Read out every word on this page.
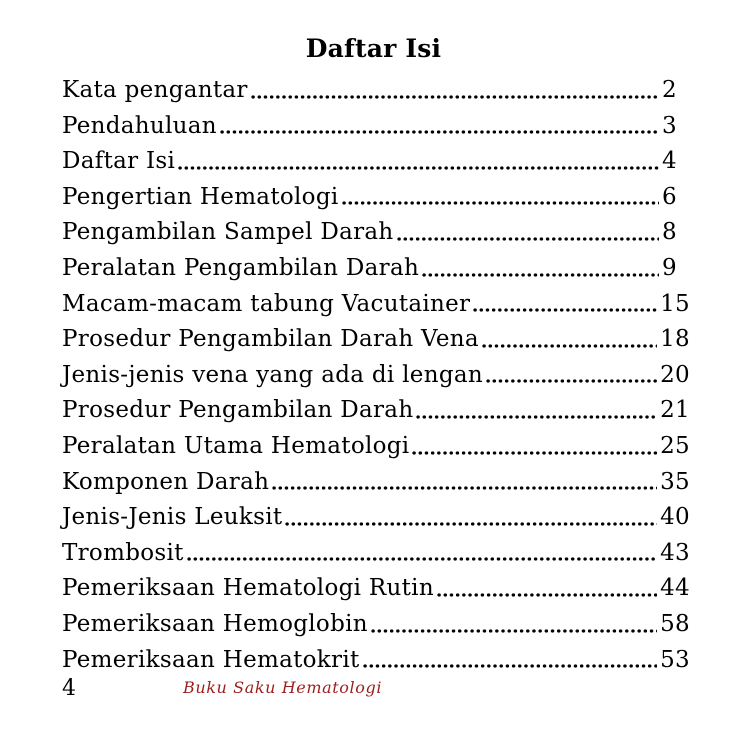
Daftar Isi
Kata pengantar	2
Pendahuluan	3
Daftar Isi	4
Pengertian Hematologi	6
Pengambilan Sampel Darah	8
Peralatan Pengambilan Darah	9
Macam-macam tabung Vacutainer	15
Prosedur Pengambilan Darah Vena	18
Jenis-jenis vena yang ada di lengan	20
Prosedur Pengambilan Darah	21
Peralatan Utama Hematologi	25
Komponen Darah	35
Jenis-Jenis Leuksit	40
Trombosit	43
Pemeriksaan Hematologi Rutin	44
Pemeriksaan Hemoglobin	58
Pemeriksaan Hematokrit	53
4	Buku Saku Hematologi
